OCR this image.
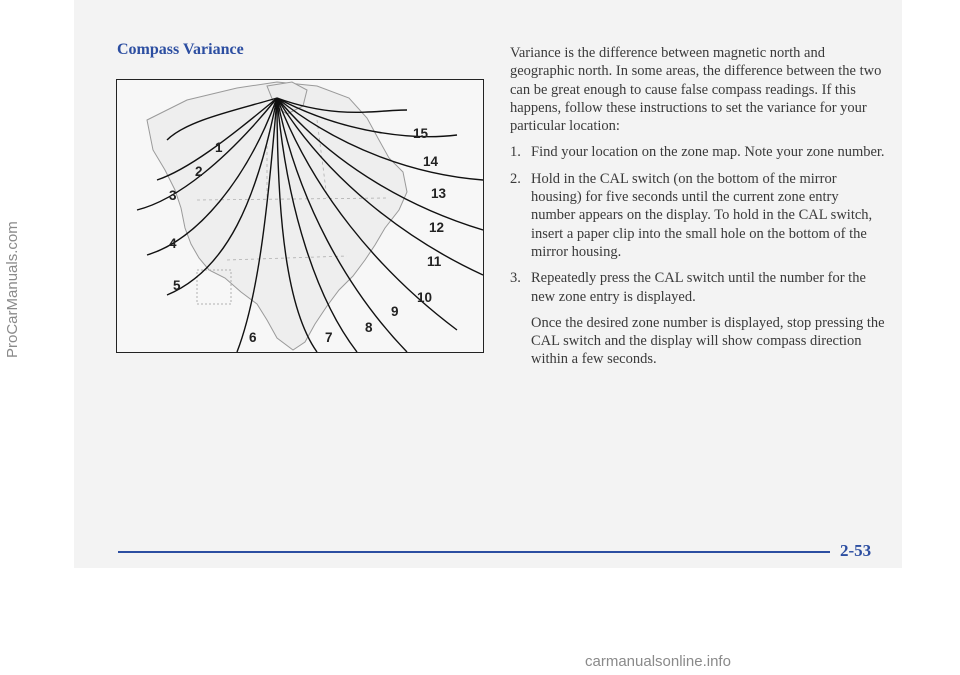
Compass Variance
1
2
3
4
5
6	7
8
9
10
11
12
13
14
15
ProCarManuals.com

Variance is the difference between magnetic north and geographic north. In some areas, the difference between the two can be great enough to cause false compass readings. If this happens, follow these instructions to set the variance for your particular location:

1. Find your location on the zone map. Note your zone number.
2. Hold in the CAL switch (on the bottom of the mirror housing) for five seconds until the current zone entry number appears on the display. To hold in the CAL switch, insert a paper clip into the small hole on the bottom of the mirror housing.
3. Repeatedly press the CAL switch until the number for the new zone entry is displayed.

Once the desired zone number is displayed, stop pressing the CAL switch and the display will show compass direction within a few seconds.

2-53
carmanualsonline.info
